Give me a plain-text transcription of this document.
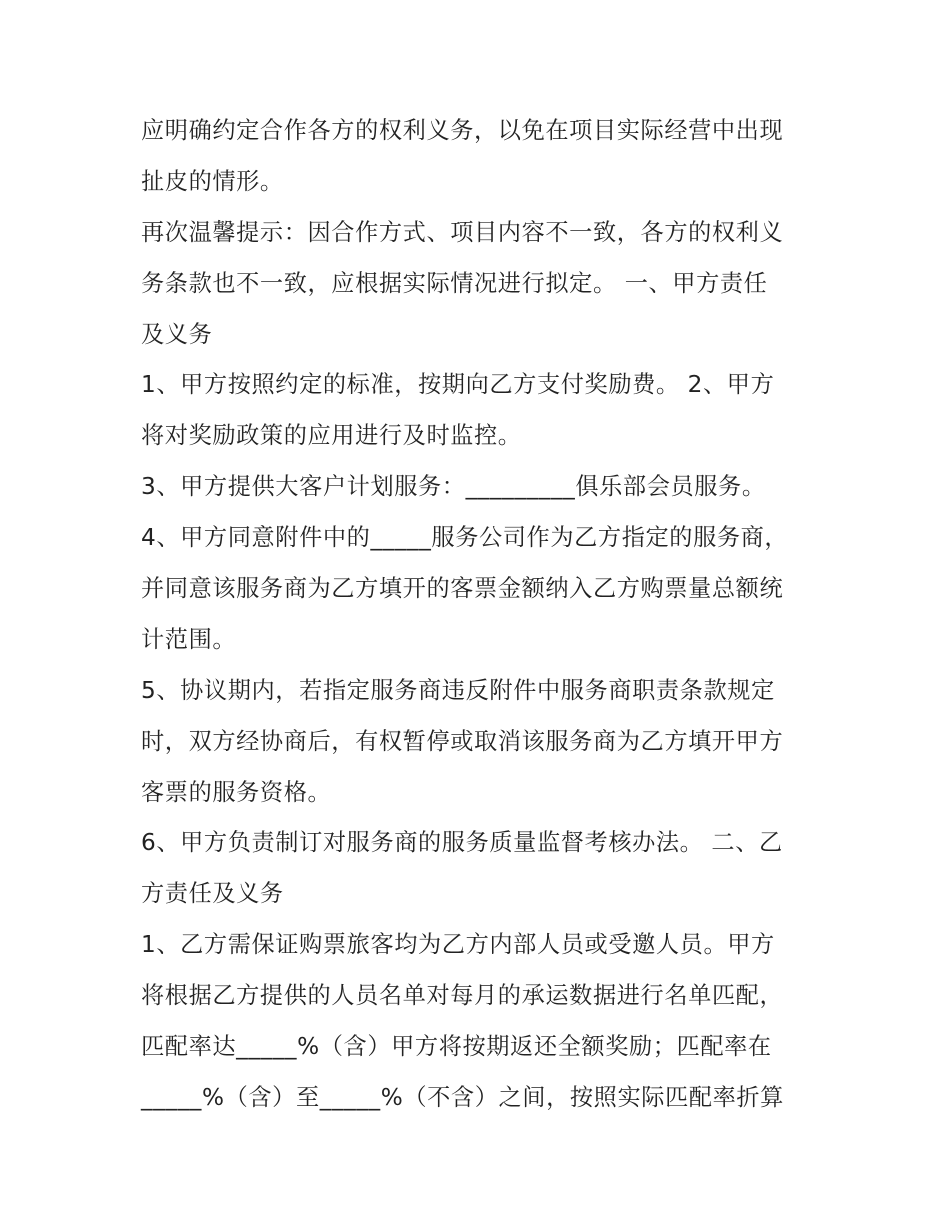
应明确约定合作各方的权利义务，以免在项目实际经营中出现
扯皮的情形。
再次温馨提示：因合作方式、项目内容不一致，各方的权利义
务条款也不一致，应根据实际情况进行拟定。 一、甲方责任
及义务
1、甲方按照约定的标准，按期向乙方支付奖励费。 2、甲方
将对奖励政策的应用进行及时监控。
3、甲方提供大客户计划服务：_________俱乐部会员服务。
4、甲方同意附件中的_____服务公司作为乙方指定的服务商，
并同意该服务商为乙方填开的客票金额纳入乙方购票量总额统
计范围。
5、协议期内，若指定服务商违反附件中服务商职责条款规定
时，双方经协商后，有权暂停或取消该服务商为乙方填开甲方
客票的服务资格。
6、甲方负责制订对服务商的服务质量监督考核办法。 二、乙
方责任及义务
1、乙方需保证购票旅客均为乙方内部人员或受邀人员。甲方
将根据乙方提供的人员名单对每月的承运数据进行名单匹配，
匹配率达_____%（含）甲方将按期返还全额奖励；匹配率在
_____%（含）至_____%（不含）之间，按照实际匹配率折算
